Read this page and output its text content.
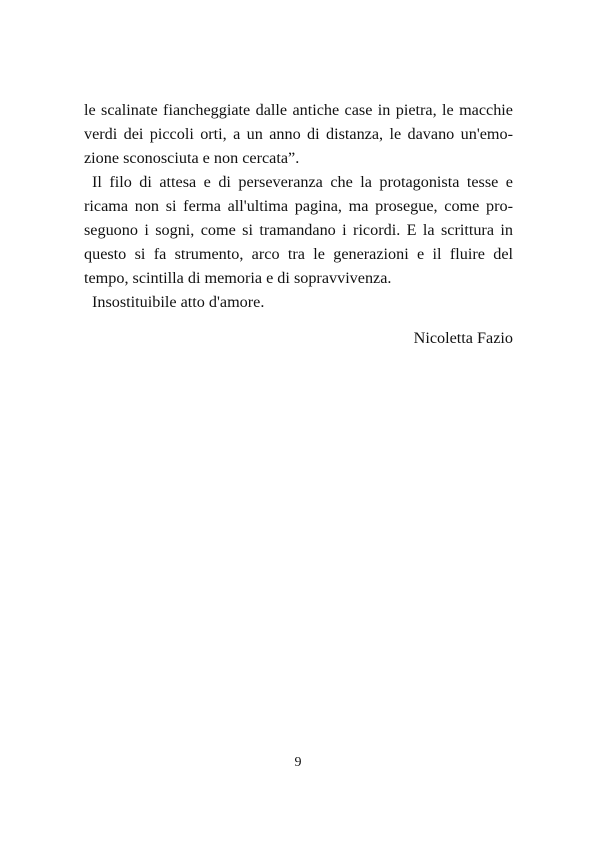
le scalinate fiancheggiate dalle antiche case in pietra, le macchie
verdi dei piccoli orti, a un anno di distanza, le davano un'emo-
zione sconosciuta e non cercata”.
Il filo di attesa e di perseveranza che la protagonista tesse e
ricama non si ferma all'ultima pagina, ma prosegue, come pro-
seguono i sogni, come si tramandano i ricordi. E la scrittura in
questo si fa strumento, arco tra le generazioni e il fluire del
tempo, scintilla di memoria e di sopravvivenza.
Insostituibile atto d'amore.
Nicoletta Fazio
9
